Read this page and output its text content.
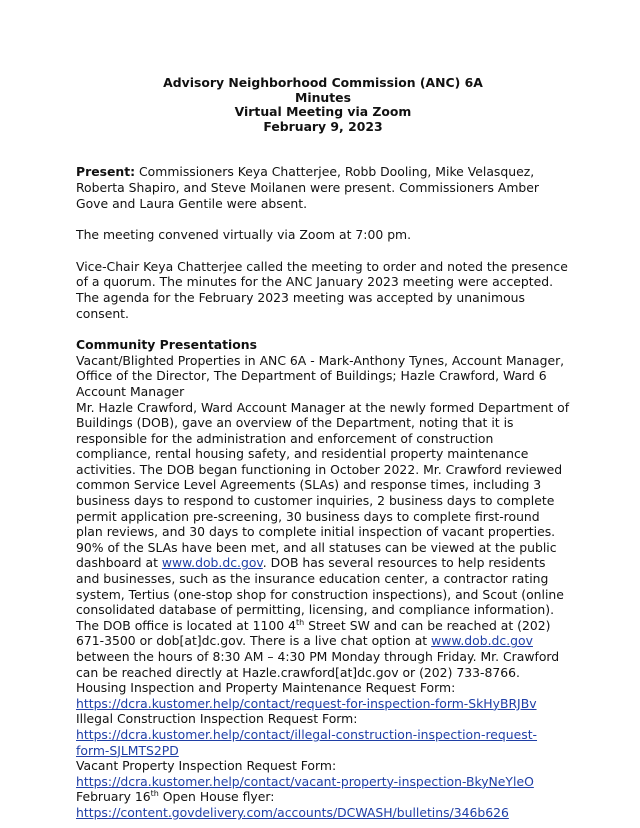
Advisory Neighborhood Commission (ANC) 6A
Minutes
Virtual Meeting via Zoom
February 9, 2023

Present: Commissioners Keya Chatterjee, Robb Dooling, Mike Velasquez, Roberta Shapiro, and Steve Moilanen were present. Commissioners Amber Gove and Laura Gentile were absent.

The meeting convened virtually via Zoom at 7:00 pm.

Vice-Chair Keya Chatterjee called the meeting to order and noted the presence of a quorum. The minutes for the ANC January 2023 meeting were accepted. The agenda for the February 2023 meeting was accepted by unanimous consent.

Community Presentations

Vacant/Blighted Properties in ANC 6A - Mark-Anthony Tynes, Account Manager, Office of the Director, The Department of Buildings; Hazle Crawford, Ward 6 Account Manager

Mr. Hazle Crawford, Ward Account Manager at the newly formed Department of Buildings (DOB), gave an overview of the Department, noting that it is responsible for the administration and enforcement of construction compliance, rental housing safety, and residential property maintenance activities. The DOB began functioning in October 2022. Mr. Crawford reviewed common Service Level Agreements (SLAs) and response times, including 3 business days to respond to customer inquiries, 2 business days to complete permit application pre-screening, 30 business days to complete first-round plan reviews, and 30 days to complete initial inspection of vacant properties. 90% of the SLAs have been met, and all statuses can be viewed at the public dashboard at www.dob.dc.gov. DOB has several resources to help residents and businesses, such as the insurance education center, a contractor rating system, Tertius (one-stop shop for construction inspections), and Scout (online consolidated database of permitting, licensing, and compliance information). The DOB office is located at 1100 4th Street SW and can be reached at (202) 671-3500 or dob[at]dc.gov. There is a live chat option at www.dob.dc.gov between the hours of 8:30 AM – 4:30 PM Monday through Friday. Mr. Crawford can be reached directly at Hazle.crawford[at]dc.gov or (202) 733-8766.

Housing Inspection and Property Maintenance Request Form:

https://dcra.kustomer.help/contact/request-for-inspection-form-SkHyBRJBv

Illegal Construction Inspection Request Form:

https://dcra.kustomer.help/contact/illegal-construction-inspection-request-form-SJLMTS2PD

Vacant Property Inspection Request Form:

https://dcra.kustomer.help/contact/vacant-property-inspection-BkyNeYleO

February 16th Open House flyer:

https://content.govdelivery.com/accounts/DCWASH/bulletins/346b626
